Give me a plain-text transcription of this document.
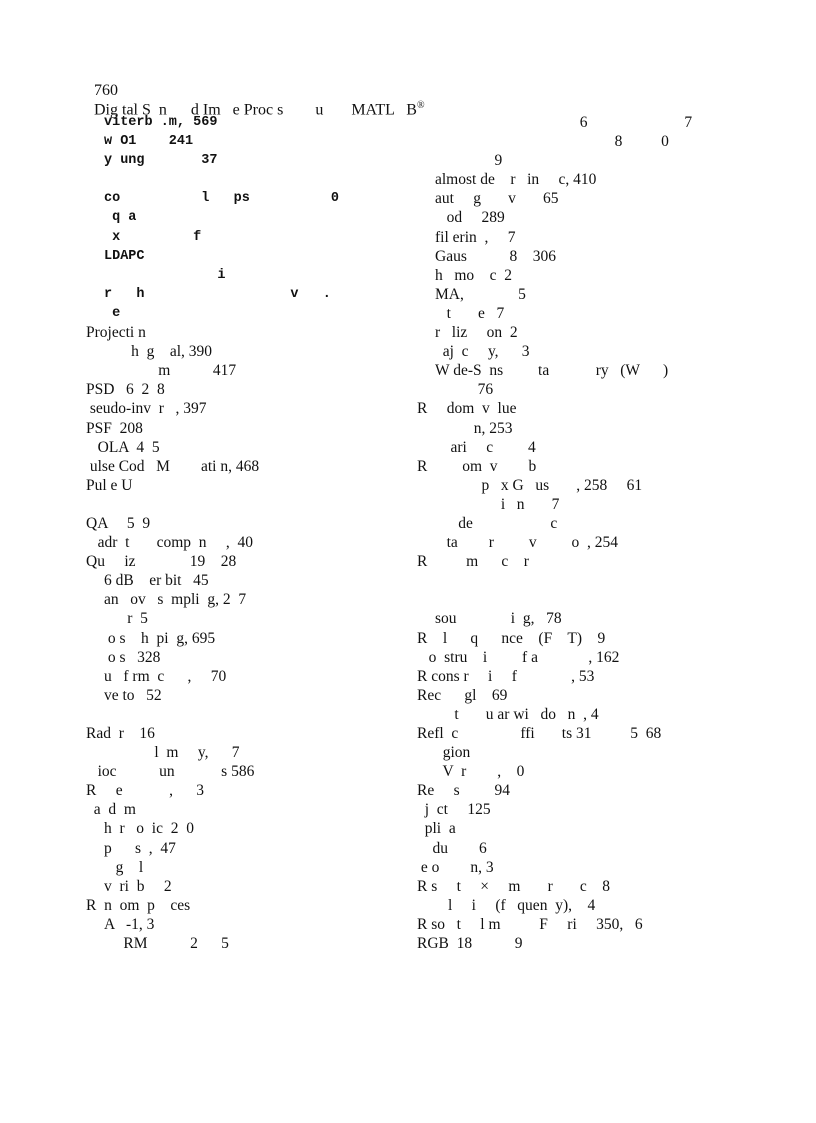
760
Dig tal S  n      d Im   e Proc s        u       MATL   B®

viterb .m, 569
w O1    241
y ung       37
co          l   ps          0
q a
x         f
LDAPC
i
r   h                  v   .
e
Projecti n
h  g    al, 390
m           417
PSD   6  2  8
seudo-inv  r   , 397
PSF  208
OLA  4  5
ulse Cod   M        ati n, 468
Pul e U
QA     5  9
adr  t       comp  n     ,  40
Qu     iz              19    28
6 dB    er bit   45
an   ov   s  mpli  g, 2  7
r  5
o s    h  pi  g, 695
o s   328
u   f rm  c      ,     70
ve to   52
Rad  r    16
l  m     y,      7
ioc           un            s 586
R     e            ,      3
a  d  m
h  r   o  ic  2  0
p      s  ,  47
g    l
v  ri  b     2
R  n  om  p    ces
A   -1, 3
RM           2      5
6                         7
8          0
9
almost de    r   in     c, 410
aut     g       v       65
od     289
fil erin  ,     7
Gaus           8    306
h   mo    c  2
MA,              5
t       e   7
r   liz     on  2
aj  c     y,      3
W de-S  ns         ta            ry   (W      )
76
R     dom  v  lue
n, 253
ari     c         4
R         om  v        b
p   x G   us       , 258     61
i   n       7
de                    c
ta        r         v         o  , 254
R          m      c    r
sou              i  g,   78
R    l      q      nce    (F    T)    9
o  stru    i         f a             , 162
R cons r     i     f              , 53
Rec      gl    69
t       u ar wi   do   n  , 4
Refl  c                ffi       ts 31          5  68
gion
V  r        ,    0
Re     s         94
j  ct     125
pli  a
du        6
e o        n, 3
R s     t     ×     m       r       c    8
l     i     (f   quen  y),    4
R so   t     l m          F     ri     350,   6
RGB  18           9
